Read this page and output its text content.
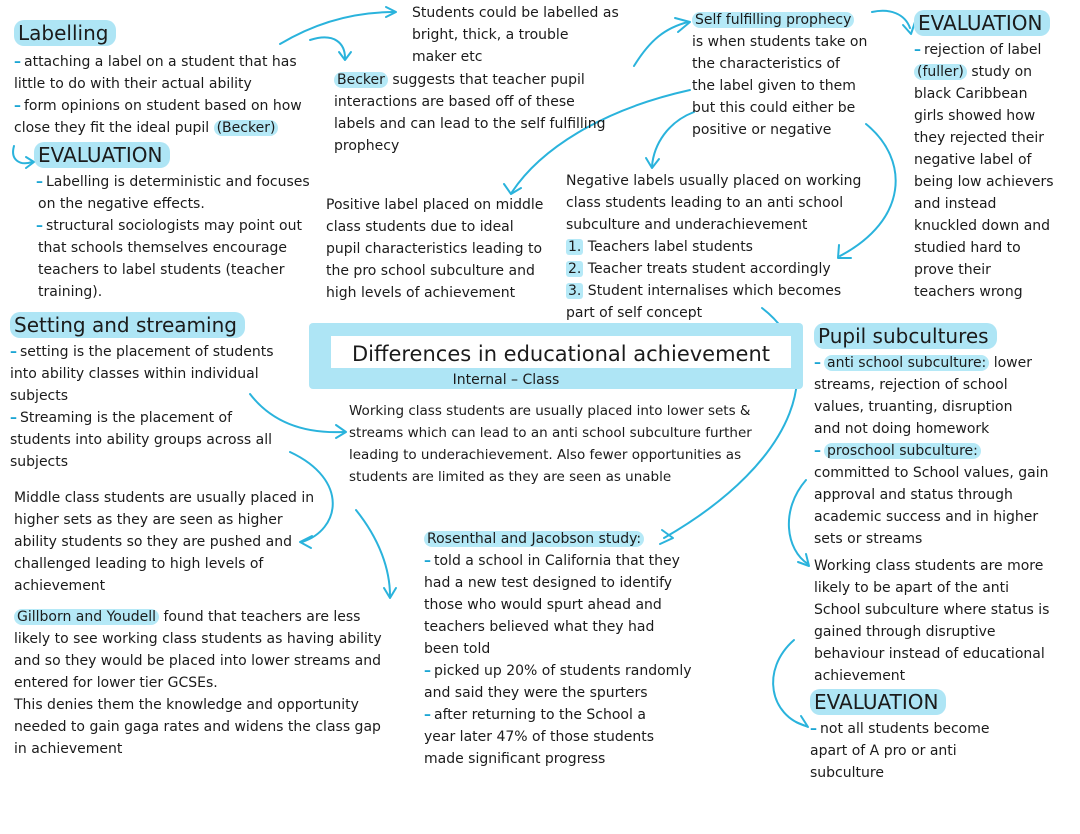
Differences in educational achievement
Internal – Class
Labelling
– attaching a label on a student that has
little to do with their actual ability
– form opinions on student based on how
close they fit the ideal pupil (Becker)
Students could be labelled as
bright, thick, a trouble
maker etc
Becker suggests that teacher pupil
interactions are based off of these
labels and can lead to the self fulfilling
prophecy
Self fulfilling prophecy
is when students take on
the characteristics of
the label given to them
but this could either be
positive or negative
EVALUATION
– rejection of label
(fuller) study on
black Caribbean
girls showed how
they rejected their
negative label of
being low achievers
and instead
knuckled down and
studied hard to
prove their
teachers wrong
EVALUATION
– Labelling is deterministic and focuses
on the negative effects.
– structural sociologists may point out
that schools themselves encourage
teachers to label students (teacher
training).
Positive label placed on middle
class students due to ideal
pupil characteristics leading to
the pro school subculture and
high levels of achievement
Negative labels usually placed on working
class students leading to an anti school
subculture and underachievement
1. Teachers label students
2. Teacher treats student accordingly
3. Student internalises which becomes
part of self concept
Setting and streaming
– setting is the placement of students
into ability classes within individual
subjects
– Streaming is the placement of
students into ability groups across all
subjects
Working class students are usually placed into lower sets &
streams which can lead to an anti school subculture further
leading to underachievement. Also fewer opportunities as
students are limited as they are seen as unable
Middle class students are usually placed in
higher sets as they are seen as higher
ability students so they are pushed and
challenged leading to high levels of
achievement
Gillborn and Youdell found that teachers are less
likely to see working class students as having ability
and so they would be placed into lower streams and
entered for lower tier GCSEs.
This denies them the knowledge and opportunity
needed to gain gaga rates and widens the class gap
in achievement
Rosenthal and Jacobson study:
– told a school in California that they
had a new test designed to identify
those who would spurt ahead and
teachers believed what they had
been told
– picked up 20% of students randomly
and said they were the spurters
– after returning to the School a
year later 47% of those students
made significant progress
Pupil subcultures
– anti school subculture: lower
streams, rejection of school
values, truanting, disruption
and not doing homework
– proschool subculture:
committed to School values, gain
approval and status through
academic success and in higher
sets or streams
Working class students are more
likely to be apart of the anti
School subculture where status is
gained through disruptive
behaviour instead of educational
achievement
EVALUATION
– not all students become
apart of A pro or anti
subculture
